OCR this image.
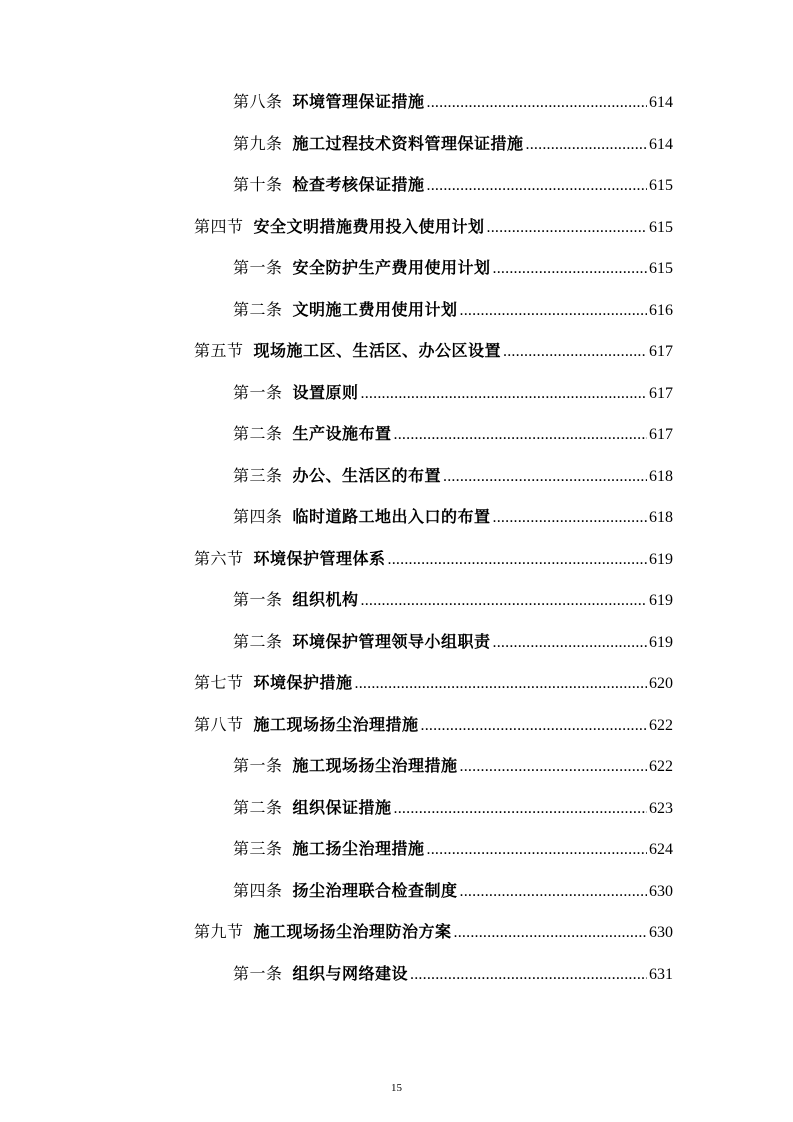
第八条 环境管理保证措施 .....	614
第九条 施工过程技术资料管理保证措施 .....	614
第十条 检查考核保证措施 .....	615
第四节 安全文明措施费用投入使用计划 .....	615
第一条 安全防护生产费用使用计划 .....	615
第二条 文明施工费用使用计划 .....	616
第五节 现场施工区、生活区、办公区设置 .....	617
第一条 设置原则 .....	617
第二条 生产设施布置 .....	617
第三条 办公、生活区的布置 .....	618
第四条 临时道路工地出入口的布置 .....	618
第六节 环境保护管理体系 .....	619
第一条 组织机构 .....	619
第二条 环境保护管理领导小组职责 .....	619
第七节 环境保护措施 .....	620
第八节 施工现场扬尘治理措施 .....	622
第一条 施工现场扬尘治理措施 .....	622
第二条 组织保证措施 .....	623
第三条 施工扬尘治理措施 .....	624
第四条 扬尘治理联合检查制度 .....	630
第九节 施工现场扬尘治理防治方案 .....	630
第一条 组织与网络建设 .....	631
15
